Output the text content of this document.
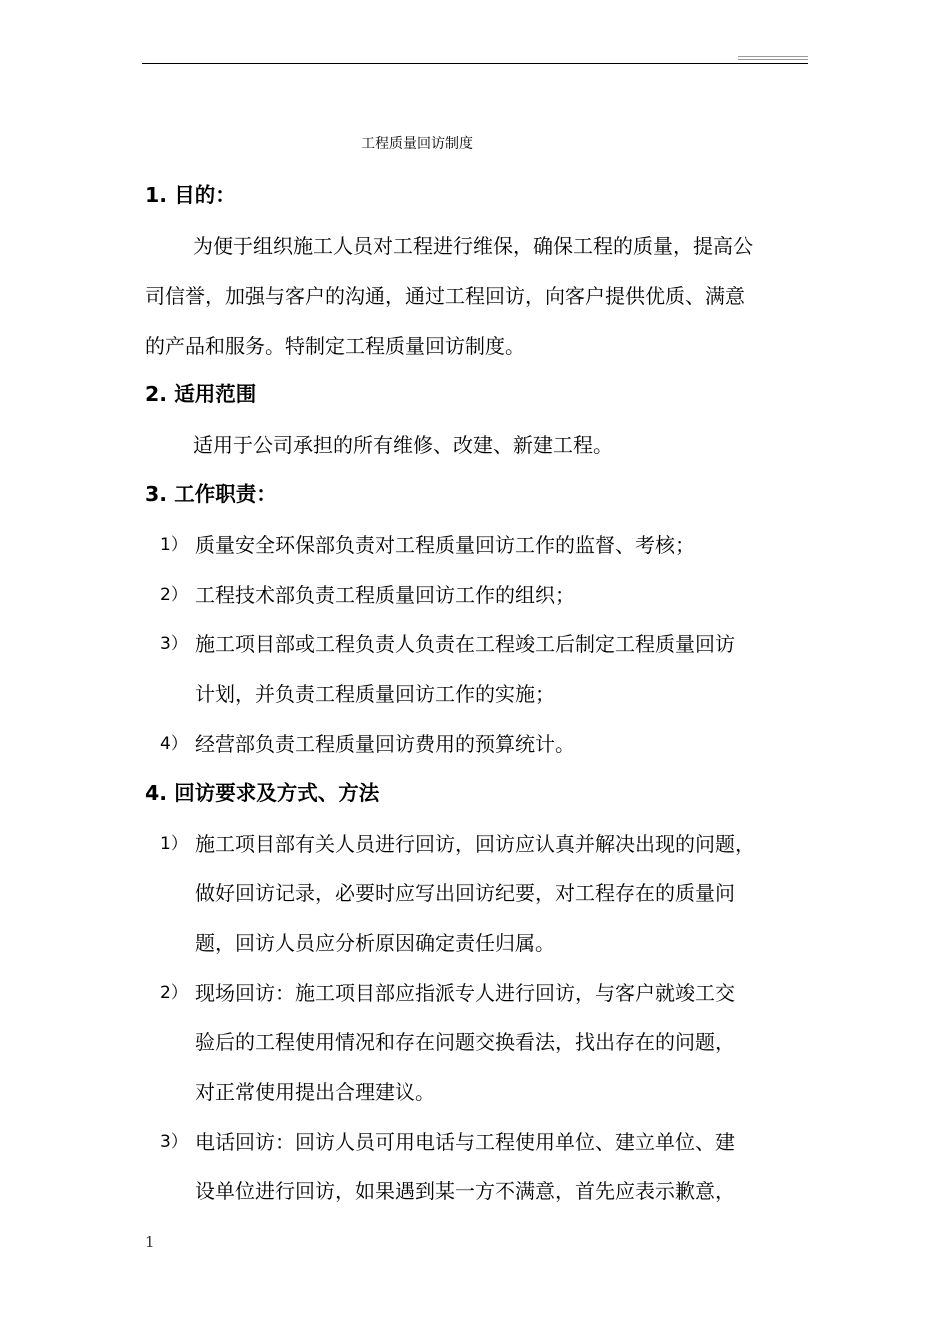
工程质量回访制度
1. 目的：
为便于组织施工人员对工程进行维保，确保工程的质量，提高公
司信誉，加强与客户的沟通，通过工程回访，向客户提供优质、满意
的产品和服务。特制定工程质量回访制度。
2. 适用范围
适用于公司承担的所有维修、改建、新建工程。
3. 工作职责：
1） 质量安全环保部负责对工程质量回访工作的监督、考核；
2） 工程技术部负责工程质量回访工作的组织；
3） 施工项目部或工程负责人负责在工程竣工后制定工程质量回访
计划，并负责工程质量回访工作的实施；
4） 经营部负责工程质量回访费用的预算统计。
4. 回访要求及方式、方法
1） 施工项目部有关人员进行回访，回访应认真并解决出现的问题，
做好回访记录，必要时应写出回访纪要，对工程存在的质量问
题，回访人员应分析原因确定责任归属。
2） 现场回访：施工项目部应指派专人进行回访，与客户就竣工交
验后的工程使用情况和存在问题交换看法，找出存在的问题，
对正常使用提出合理建议。
3） 电话回访：回访人员可用电话与工程使用单位、建立单位、建
设单位进行回访，如果遇到某一方不满意，首先应表示歉意，
1
